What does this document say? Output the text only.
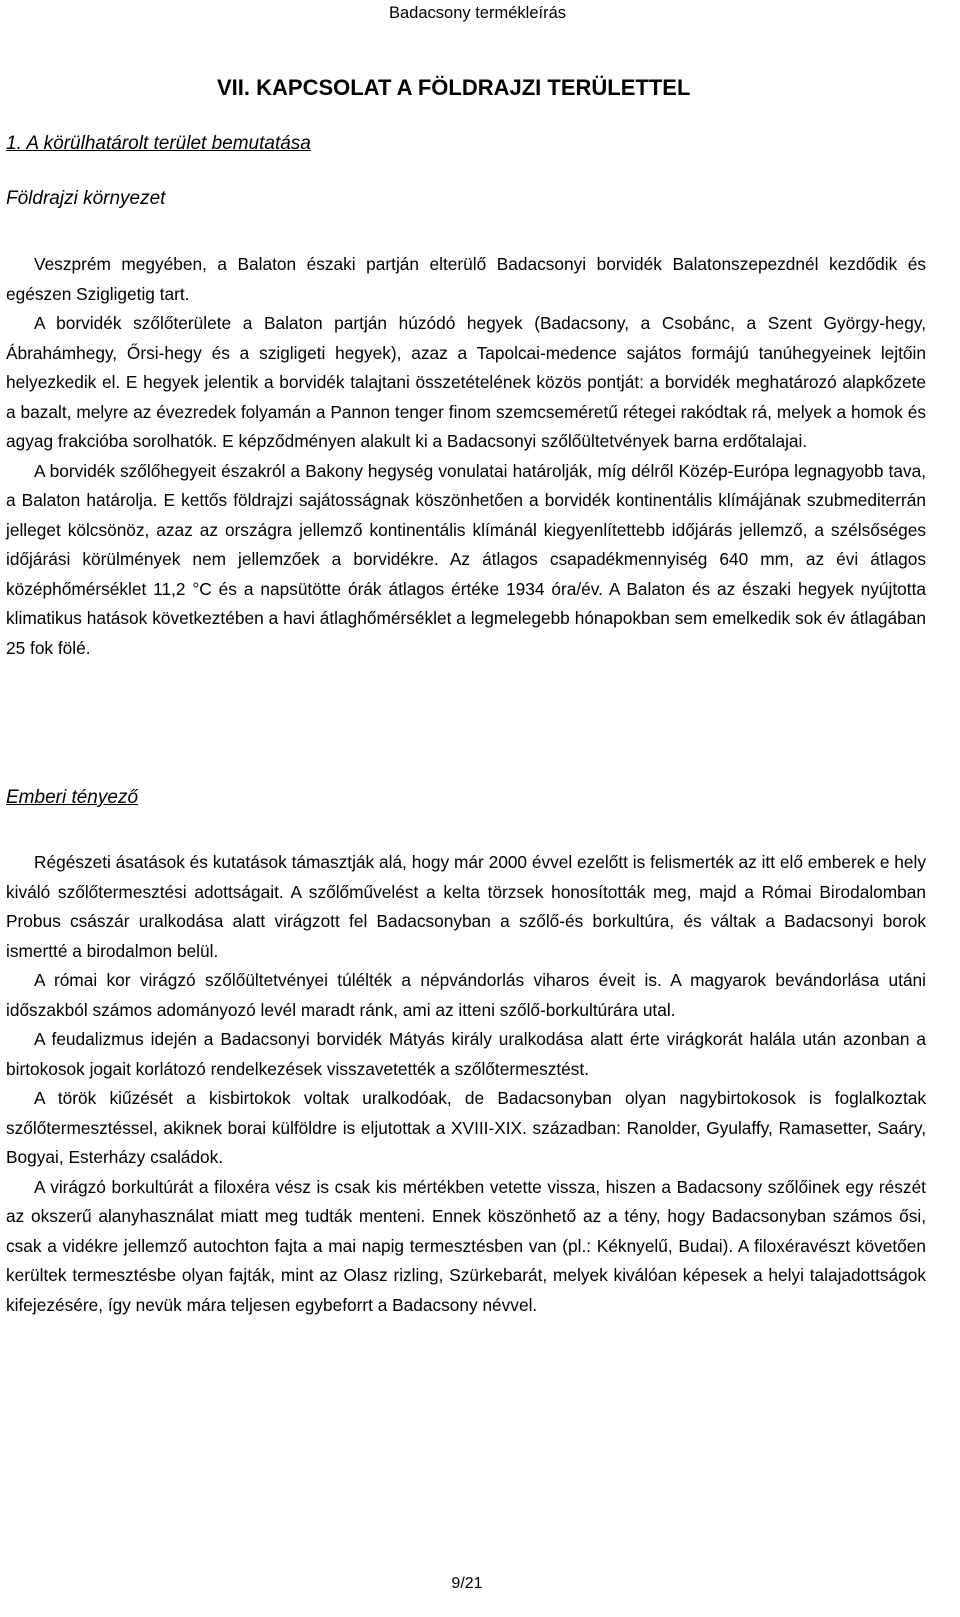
Badacsony termékleírás
VII. KAPCSOLAT A FÖLDRAJZI TERÜLETTEL
1. A körülhatárolt terület bemutatása
Földrajzi környezet

Veszprém megyében, a Balaton északi partján elterülő Badacsonyi borvidék Balatonszepezdnél kezdődik és egészen Szigligetig tart.

A borvidék szőlőterülete a Balaton partján húzódó hegyek (Badacsony, a Csobánc, a Szent György-hegy, Ábrahámhegy, Őrsi-hegy és a szigligeti hegyek), azaz a Tapolcai-medence sajátos formájú tanúhegyeinek lejtőin helyezkedik el. E hegyek jelentik a borvidék talajtani összetételének közös pontját: a borvidék meghatározó alapkőzete a bazalt, melyre az évezredek folyamán a Pannon tenger finom szemcseméretű rétegei rakódtak rá, melyek a homok és agyag frakcióba sorolhatók. E képződményen alakult ki a Badacsonyi szőlőültetvények barna erdőtalajai.

A borvidék szőlőhegyeit északról a Bakony hegység vonulatai határolják, míg délről Közép-Európa legnagyobb tava, a Balaton határolja. E kettős földrajzi sajátosságnak köszönhetően a borvidék kontinentális klímájának szubmediterrán jelleget kölcsönöz, azaz az országra jellemző kontinentális klímánál kiegyenlítettebb időjárás jellemző, a szélsőséges időjárási körülmények nem jellemzőek a borvidékre. Az átlagos csapadékmennyiség 640 mm, az évi átlagos középhőmérséklet 11,2 °C és a napsütötte órák átlagos értéke 1934 óra/év. A Balaton és az északi hegyek nyújtotta klimatikus hatások következtében a havi átlaghőmérséklet a legmelegebb hónapokban sem emelkedik sok év átlagában 25 fok fölé.

Emberi tényező

Régészeti ásatások és kutatások támasztják alá, hogy már 2000 évvel ezelőtt is felismerték az itt elő emberek e hely kiváló szőlőtermesztési adottságait. A szőlőművelést a kelta törzsek honosították meg, majd a Római Birodalomban Probus császár uralkodása alatt virágzott fel Badacsonyban a szőlő-és borkultúra, és váltak a Badacsonyi borok ismertté a birodalmon belül.

A római kor virágzó szőlőültetvényei túlélték a népvándorlás viharos éveit is. A magyarok bevándorlása utáni időszakból számos adományozó levél maradt ránk, ami az itteni szőlő-borkultúrára utal.

A feudalizmus idején a Badacsonyi borvidék Mátyás király uralkodása alatt érte virágkorát halála után azonban a birtokosok jogait korlátozó rendelkezések visszavetették a szőlőtermesztést.

A török kiűzését a kisbirtokok voltak uralkodóak, de Badacsonyban olyan nagybirtokosok is foglalkoztak szőlőtermesztéssel, akiknek borai külföldre is eljutottak a XVIII-XIX. században: Ranolder, Gyulaffy, Ramasetter, Saáry, Bogyai, Esterházy családok.

A virágzó borkultúrát a filoxéra vész is csak kis mértékben vetette vissza, hiszen a Badacsony szőlőinek egy részét az okszerű alanyhasználat miatt meg tudták menteni. Ennek köszönhető az a tény, hogy Badacsonyban számos ősi, csak a vidékre jellemző autochton fajta a mai napig termesztésben van (pl.: Kéknyelű, Budai). A filoxéravészt követően kerültek termesztésbe olyan fajták, mint az Olasz rizling, Szürkebarát, melyek kiválóan képesek a helyi talajadottságok kifejezésére, így nevük mára teljesen egybeforrt a Badacsony névvel.

9/21
